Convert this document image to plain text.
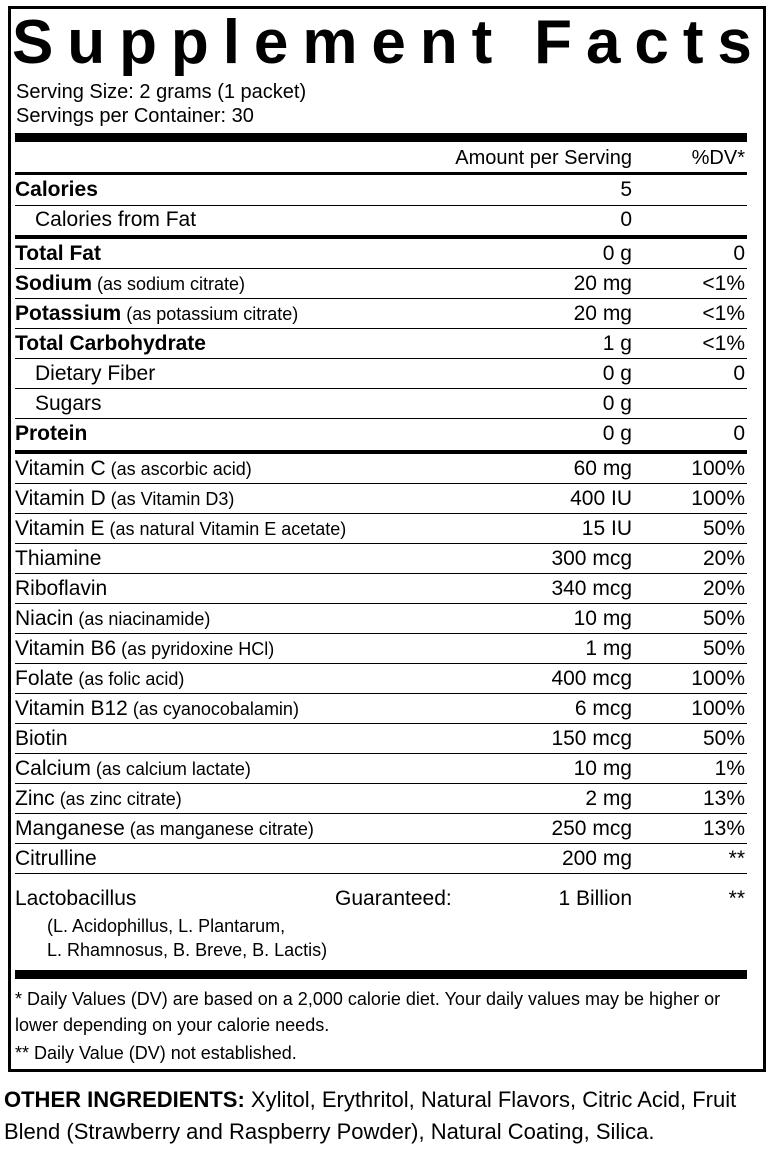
S u p p l e m e n t F a c t s
Serving Size: 2 grams (1 packet)
Servings per Container: 30
Amount per Serving	%DV*
Calories	5
Calories from Fat	0
Total Fat	0 g	0
Sodium (as sodium citrate)	20 mg	<1%
Potassium (as potassium citrate)	20 mg	<1%
Total Carbohydrate	1 g	<1%
Dietary Fiber	0 g	0
Sugars	0 g
Protein	0 g	0
Vitamin C (as ascorbic acid)	60 mg	100%
Vitamin D (as Vitamin D3)	400 IU	100%
Vitamin E (as natural Vitamin E acetate)	15 IU	50%
Thiamine	300 mcg	20%
Riboflavin	340 mcg	20%
Niacin (as niacinamide)	10 mg	50%
Vitamin B6 (as pyridoxine HCl)	1 mg	50%
Folate (as folic acid)	400 mcg	100%
Vitamin B12 (as cyanocobalamin)	6 mcg	100%
Biotin	150 mcg	50%
Calcium (as calcium lactate)	10 mg	1%
Zinc (as zinc citrate)	2 mg	13%
Manganese (as manganese citrate)	250 mcg	13%
Citrulline	200 mg	**
Lactobacillus	Guaranteed:	1 Billion	**
(L. Acidophillus, L. Plantarum,
L. Rhamnosus, B. Breve, B. Lactis)
* Daily Values (DV) are based on a 2,000 calorie diet. Your daily values may be higher or lower depending on your calorie needs.
** Daily Value (DV) not established.
OTHER INGREDIENTS: Xylitol, Erythritol, Natural Flavors, Citric Acid, Fruit Blend (Strawberry and Raspberry Powder), Natural Coating, Silica.
